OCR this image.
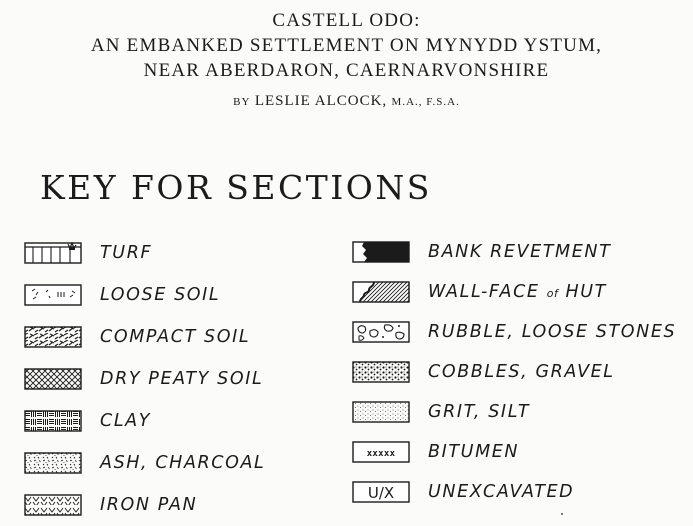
CASTELL ODO:
AN EMBANKED SETTLEMENT ON MYNYDD YSTUM,
NEAR ABERDARON, CAERNARVONSHIRE
BY LESLIE ALCOCK, M.A., F.S.A.
KEY FOR SECTIONS
TURF
LOOSE SOIL
COMPACT SOIL
DRY PEATY SOIL
CLAY
ASH, CHARCOAL
IRON PAN
BANK REVETMENT
WALL-FACE of HUT
RUBBLE, LOOSE STONES
COBBLES, GRAVEL
GRIT, SILT
xxxxx BITUMEN
U/X UNEXCAVATED
